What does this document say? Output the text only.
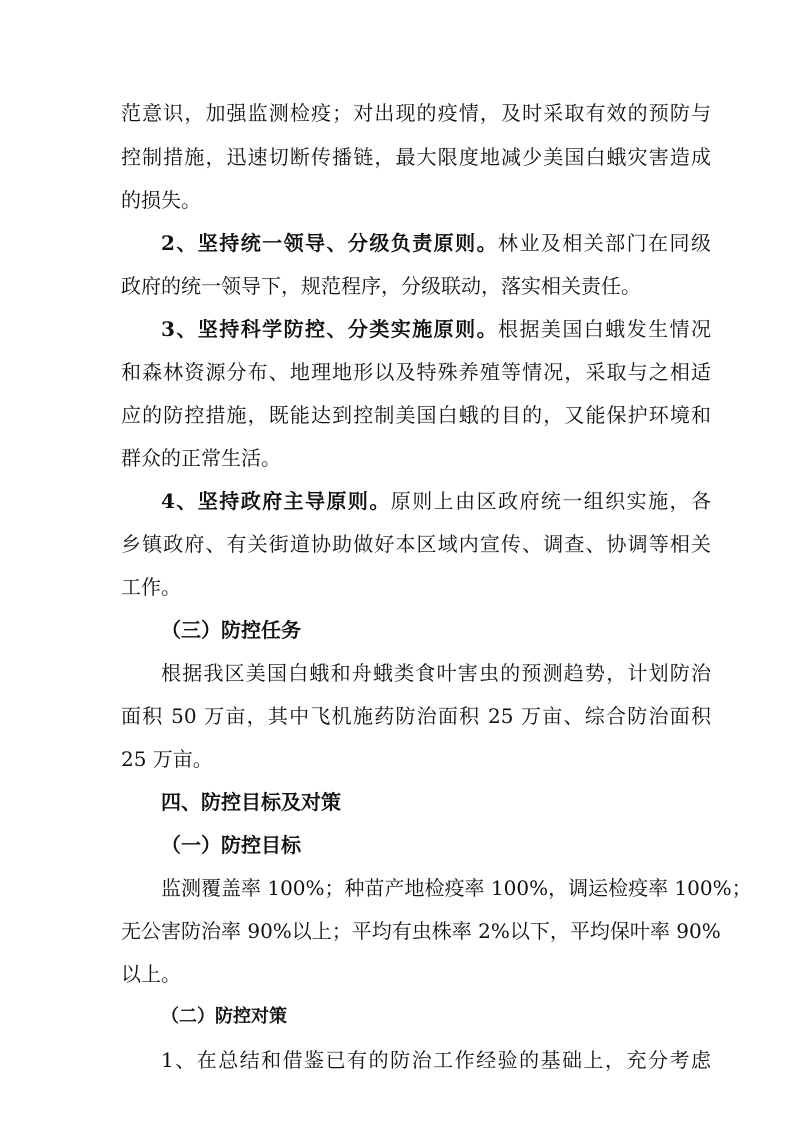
范意识，加强监测检疫；对出现的疫情，及时采取有效的预防与
控制措施，迅速切断传播链，最大限度地减少美国白蛾灾害造成
的损失。
2、坚持统一领导、分级负责原则。林业及相关部门在同级
政府的统一领导下，规范程序，分级联动，落实相关责任。
3、坚持科学防控、分类实施原则。根据美国白蛾发生情况
和森林资源分布、地理地形以及特殊养殖等情况，采取与之相适
应的防控措施，既能达到控制美国白蛾的目的，又能保护环境和
群众的正常生活。
4、坚持政府主导原则。原则上由区政府统一组织实施，各
乡镇政府、有关街道协助做好本区域内宣传、调查、协调等相关
工作。
（三）防控任务
根据我区美国白蛾和舟蛾类食叶害虫的预测趋势，计划防治
面积 50 万亩，其中飞机施药防治面积 25 万亩、综合防治面积
25 万亩。
四、防控目标及对策
（一）防控目标
监测覆盖率 100%；种苗产地检疫率 100%，调运检疫率 100%；
无公害防治率 90%以上；平均有虫株率 2%以下，平均保叶率 90%
以上。
（二）防控对策
1、在总结和借鉴已有的防治工作经验的基础上，充分考虑
